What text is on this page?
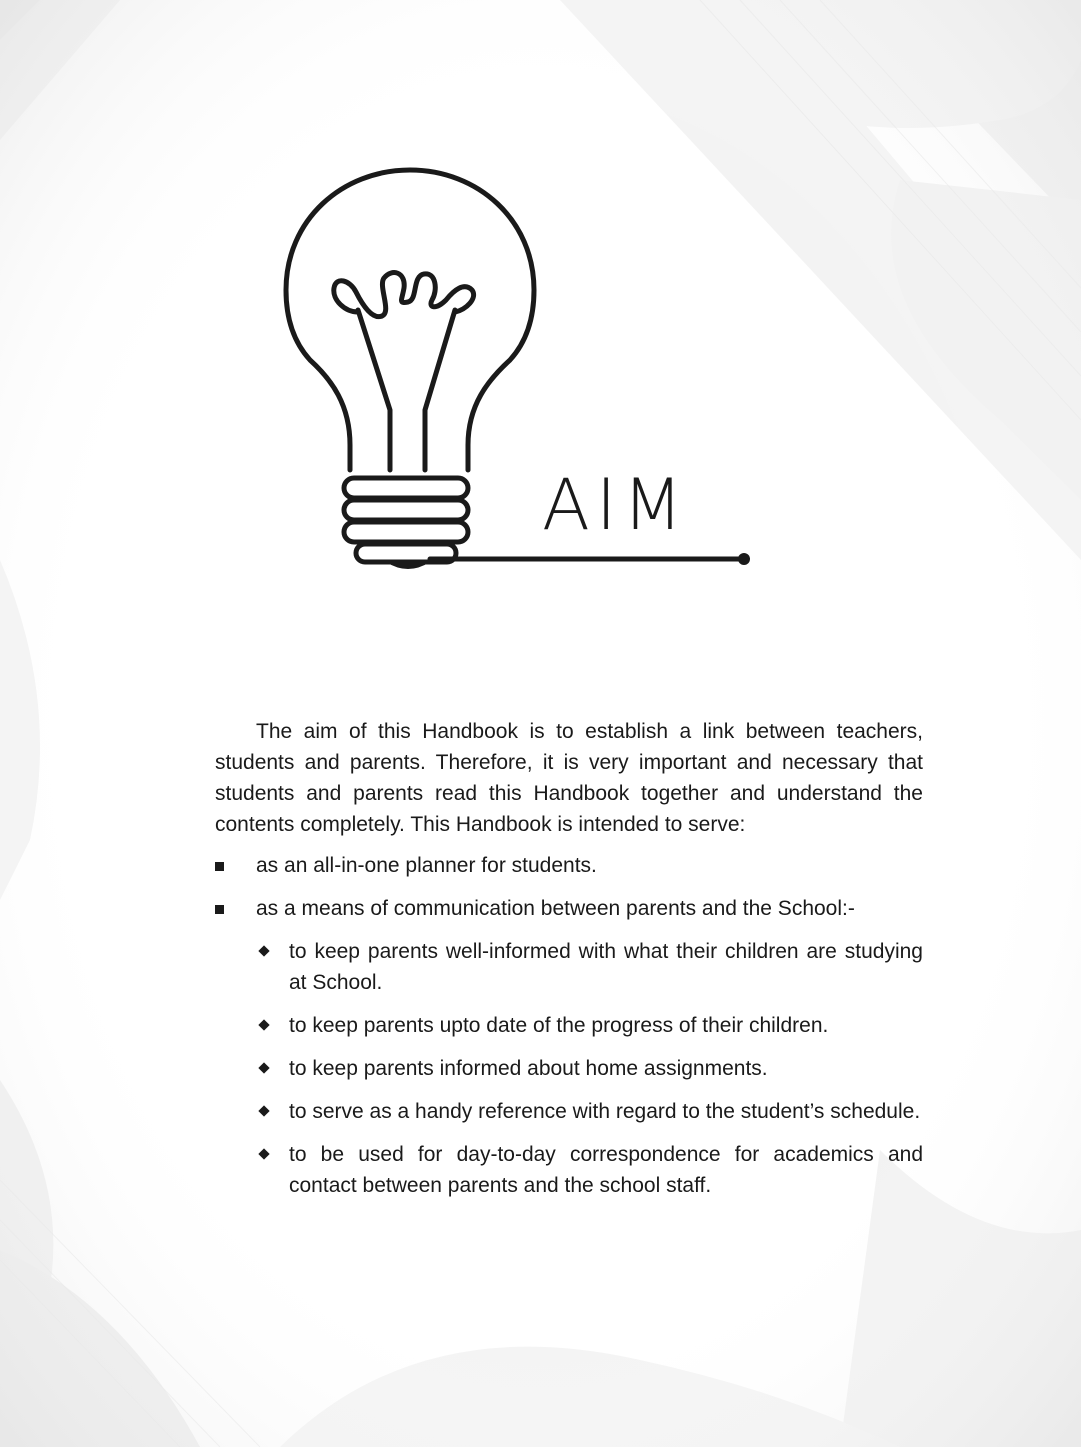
AIM

The aim of this Handbook is to establish a link between teachers, students and parents. Therefore, it is very important and necessary that students and parents read this Handbook together and understand the contents completely. This Handbook is intended to serve:

as an all-in-one planner for students.
as a means of communication between parents and the School:-
to keep parents well-informed with what their children are studying at School.
to keep parents upto date of the progress of their children.
to keep parents informed about home assignments.
to serve as a handy reference with regard to the student’s schedule.
to be used for day-to-day correspondence for academics and contact between parents and the school staff.
